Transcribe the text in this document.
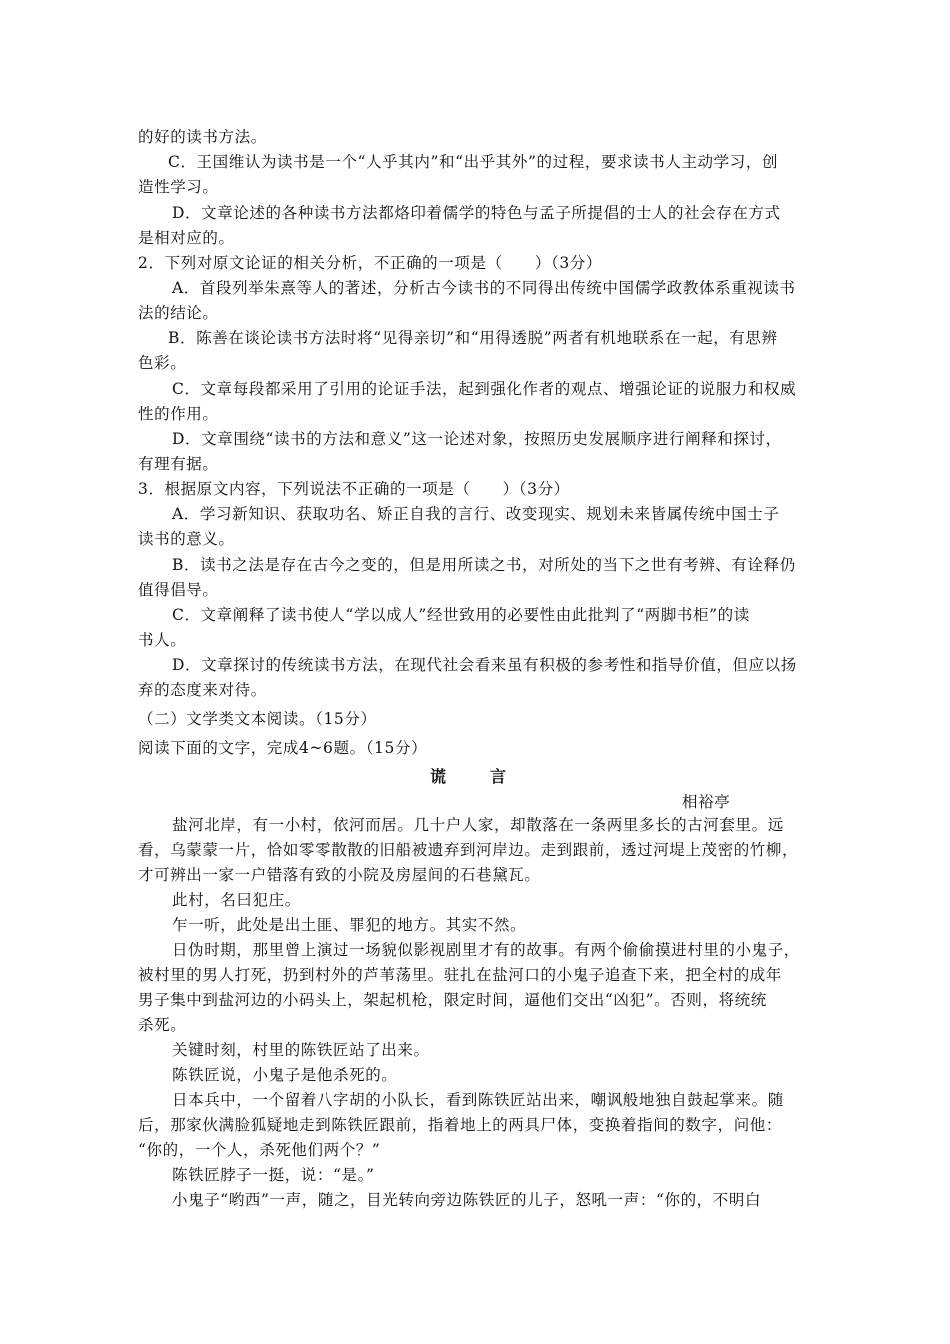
的好的读书方法。
C．王国维认为读书是一个“人乎其内”和“出乎其外”的过程，要求读书人主动学习，创
造性学习。
D．文章论述的各种读书方法都烙印着儒学的特色与孟子所提倡的士人的社会存在方式
是相对应的。
2．下列对原文论证的相关分析，不正确的一项是（　　）（3分）
A．首段列举朱熹等人的著述，分析古今读书的不同得出传统中国儒学政教体系重视读书
法的结论。
B．陈善在谈论读书方法时将“见得亲切”和“用得透脱”两者有机地联系在一起，有思辨
色彩。
C．文章每段都采用了引用的论证手法，起到强化作者的观点、增强论证的说服力和权威
性的作用。
D．文章围绕“读书的方法和意义”这一论述对象，按照历史发展顺序进行阐释和探讨，
有理有据。
3．根据原文内容，下列说法不正确的一项是（　　）（3分）
A．学习新知识、获取功名、矫正自我的言行、改变现实、规划未来皆属传统中国士子
读书的意义。
B．读书之法是存在古今之变的，但是用所读之书，对所处的当下之世有考辨、有诠释仍
值得倡导。
C．文章阐释了读书使人“学以成人”经世致用的必要性由此批判了“两脚书柜”的读
书人。
D．文章探讨的传统读书方法，在现代社会看来虽有积极的参考性和指导价值，但应以扬
弃的态度来对待。
（二）文学类文本阅读。（15分）
阅读下面的文字，完成4~6题。（15分）
谎　言
相裕亭
盐河北岸，有一小村，依河而居。几十户人家，却散落在一条两里多长的古河套里。远
看，乌蒙蒙一片，恰如零零散散的旧船被遗弃到河岸边。走到跟前，透过河堤上茂密的竹柳，
才可辨出一家一户错落有致的小院及房屋间的石巷黛瓦。
此村，名曰犯庄。
乍一听，此处是出土匪、罪犯的地方。其实不然。
日伪时期，那里曾上演过一场貌似影视剧里才有的故事。有两个偷偷摸进村里的小鬼子，
被村里的男人打死，扔到村外的芦苇荡里。驻扎在盐河口的小鬼子追查下来，把全村的成年
男子集中到盐河边的小码头上，架起机枪，限定时间，逼他们交出“凶犯”。否则，将统统
杀死。
关键时刻，村里的陈铁匠站了出来。
陈铁匠说，小鬼子是他杀死的。
日本兵中，一个留着八字胡的小队长，看到陈铁匠站出来，嘲讽般地独自鼓起掌来。随
后，那家伙满脸狐疑地走到陈铁匠跟前，指着地上的两具尸体，变换着指间的数字，问他：
“你的，一个人，杀死他们两个？”
陈铁匠脖子一挺，说：“是。”
小鬼子“哟西”一声，随之，目光转向旁边陈铁匠的儿子，怒吼一声：“你的，不明白
